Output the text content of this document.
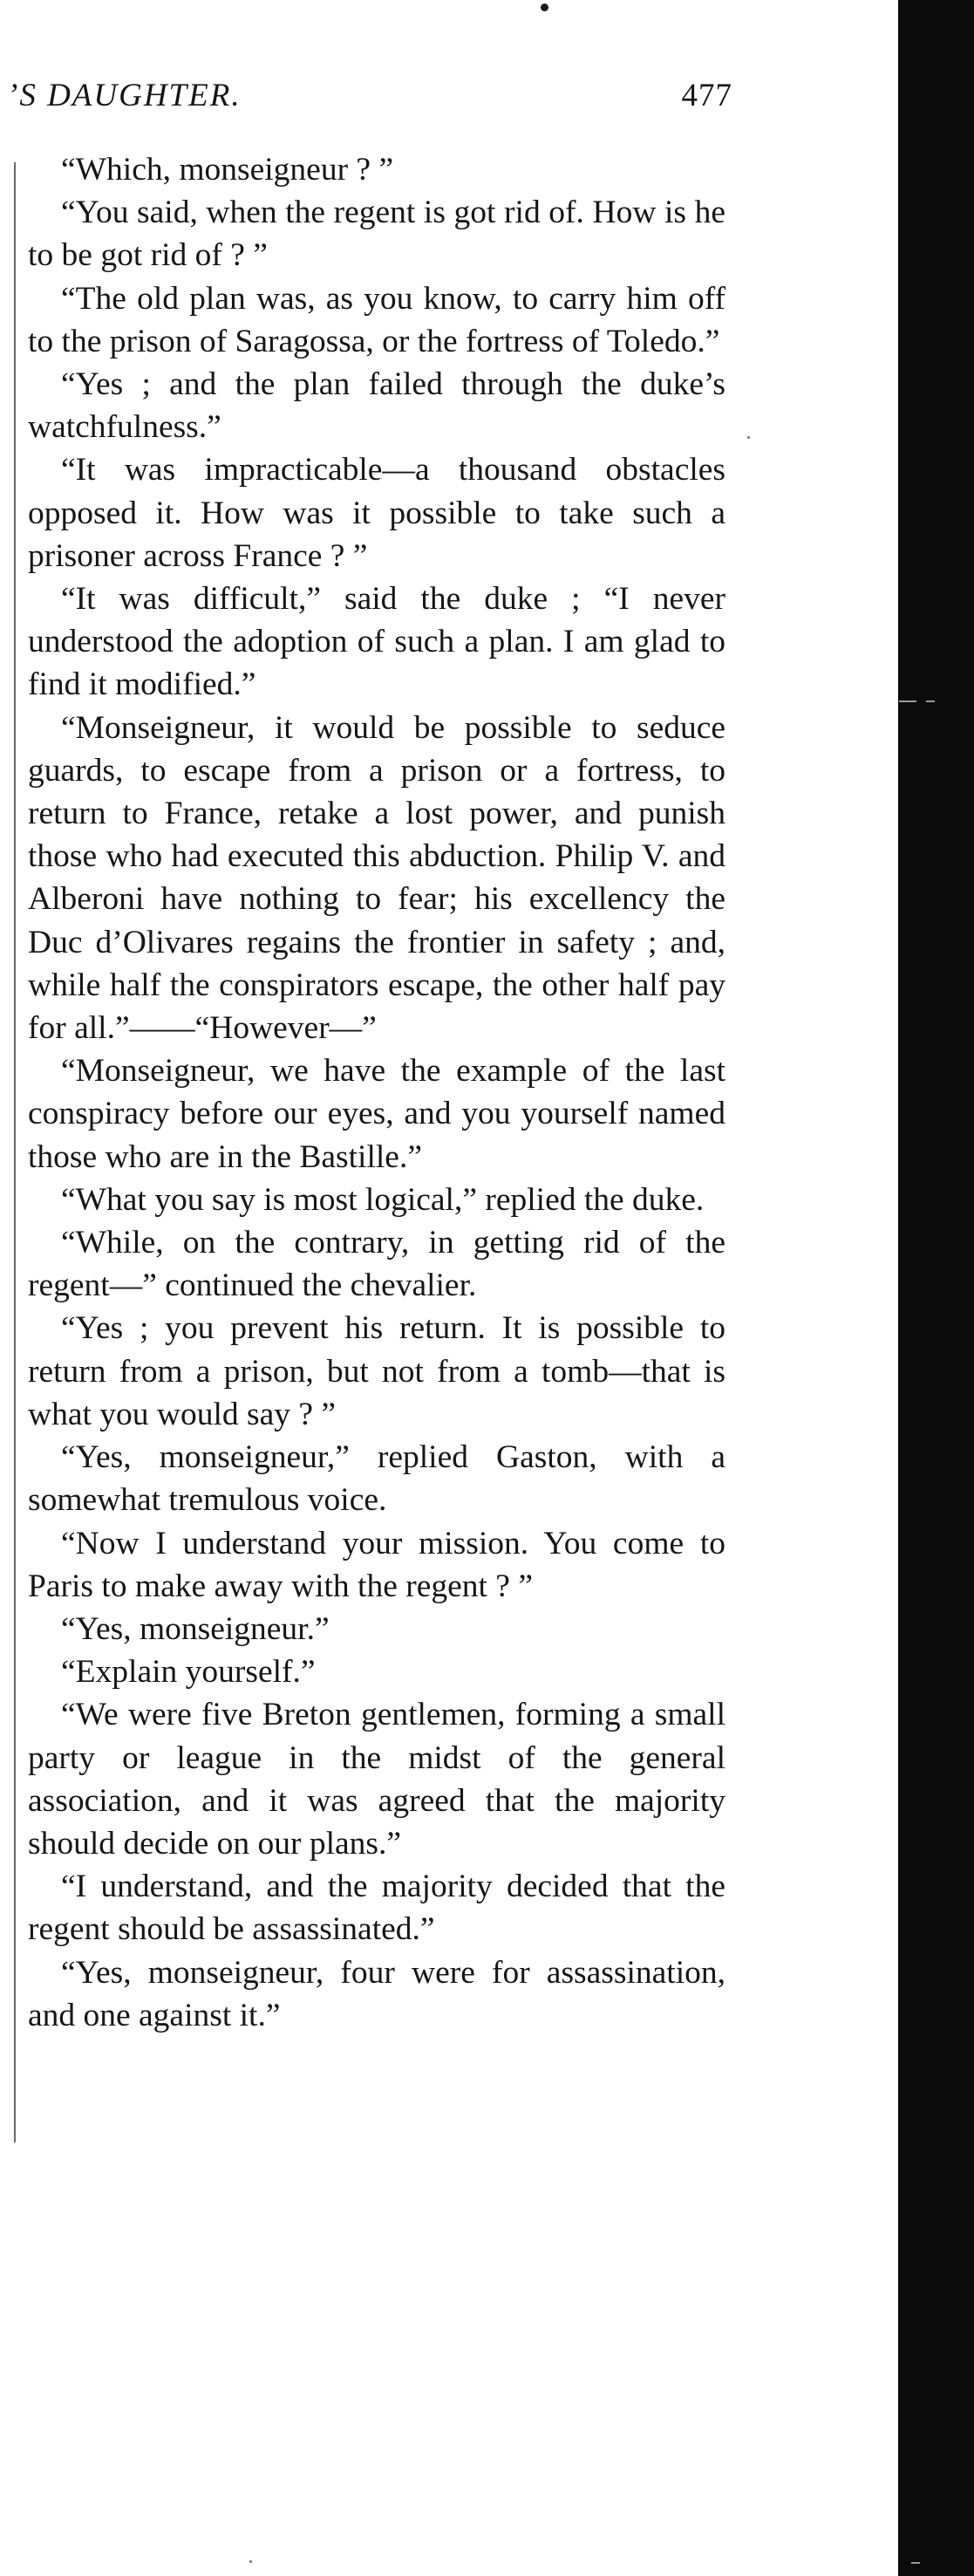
’S DAUGHTER.	477

“Which, monseigneur ? ”

“You said, when the regent is got rid of. How is he to be got rid of ? ”

“The old plan was, as you know, to carry him off to the prison of Saragossa, or the fortress of Toledo.”

“Yes ; and the plan failed through the duke’s watchfulness.”

“It was impracticable—a thousand obstacles opposed it. How was it possible to take such a prisoner across France ? ”

“It was difficult,” said the duke ; “I never understood the adoption of such a plan. I am glad to find it modified.”

“Monseigneur, it would be possible to seduce guards, to escape from a prison or a fortress, to return to France, retake a lost power, and punish those who had executed this abduction. Philip V. and Alberoni have nothing to fear; his excellency the Duc d’Olivares regains the frontier in safety ; and, while half the conspirators escape, the other half pay for all.”——“However—”

“Monseigneur, we have the example of the last conspiracy before our eyes, and you yourself named those who are in the Bastille.”

“What you say is most logical,” replied the duke.

“While, on the contrary, in getting rid of the regent—” continued the chevalier.

“Yes ; you prevent his return. It is possible to return from a prison, but not from a tomb—that is what you would say ? ”

“Yes, monseigneur,” replied Gaston, with a somewhat tremulous voice.

“Now I understand your mission. You come to Paris to make away with the regent ? ”

“Yes, monseigneur.”

“Explain yourself.”

“We were five Breton gentlemen, forming a small party or league in the midst of the general association, and it was agreed that the majority should decide on our plans.”

“I understand, and the majority decided that the regent should be assassinated.”

“Yes, monseigneur, four were for assassination, and one against it.”
